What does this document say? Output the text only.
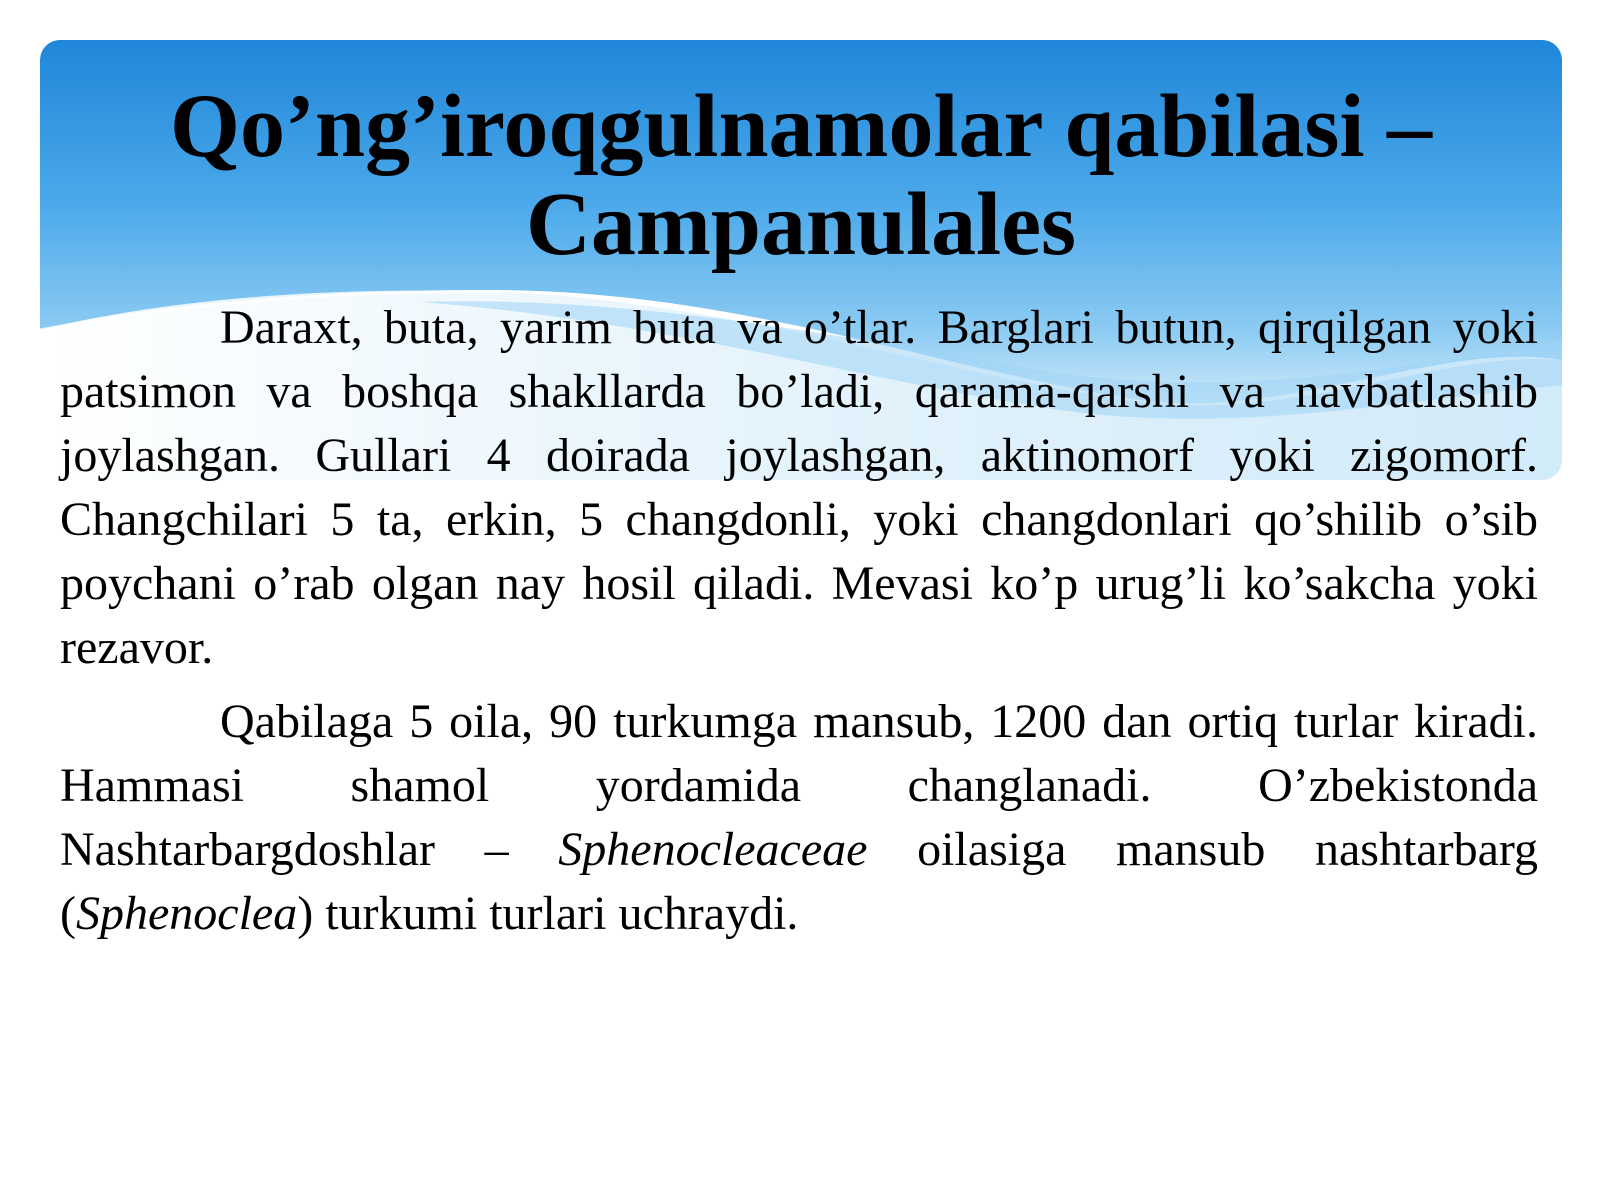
Qo’ng’iroqgulnamolar qabilasi –
Campanulales

Daraxt, buta, yarim buta va o’tlar. Barglari butun, qirqilgan yoki patsimon va boshqa shakllarda bo’ladi, qarama-qarshi va navbatlashib joylashgan. Gullari 4 doirada joylashgan, aktinomorf yoki zigomorf. Changchilari 5 ta, erkin, 5 changdonli, yoki changdonlari qo’shilib o’sib poychani o’rab olgan nay hosil qiladi. Mevasi ko’p urug’li ko’sakcha yoki rezavor.

Qabilaga 5 oila, 90 turkumga mansub, 1200 dan ortiq turlar kiradi. Hammasi shamol yordamida changlanadi. O’zbekistonda Nashtarbargdoshlar – Sphenocleaceae oilasiga mansub nashtarbarg (Sphenoclea) turkumi turlari uchraydi.
